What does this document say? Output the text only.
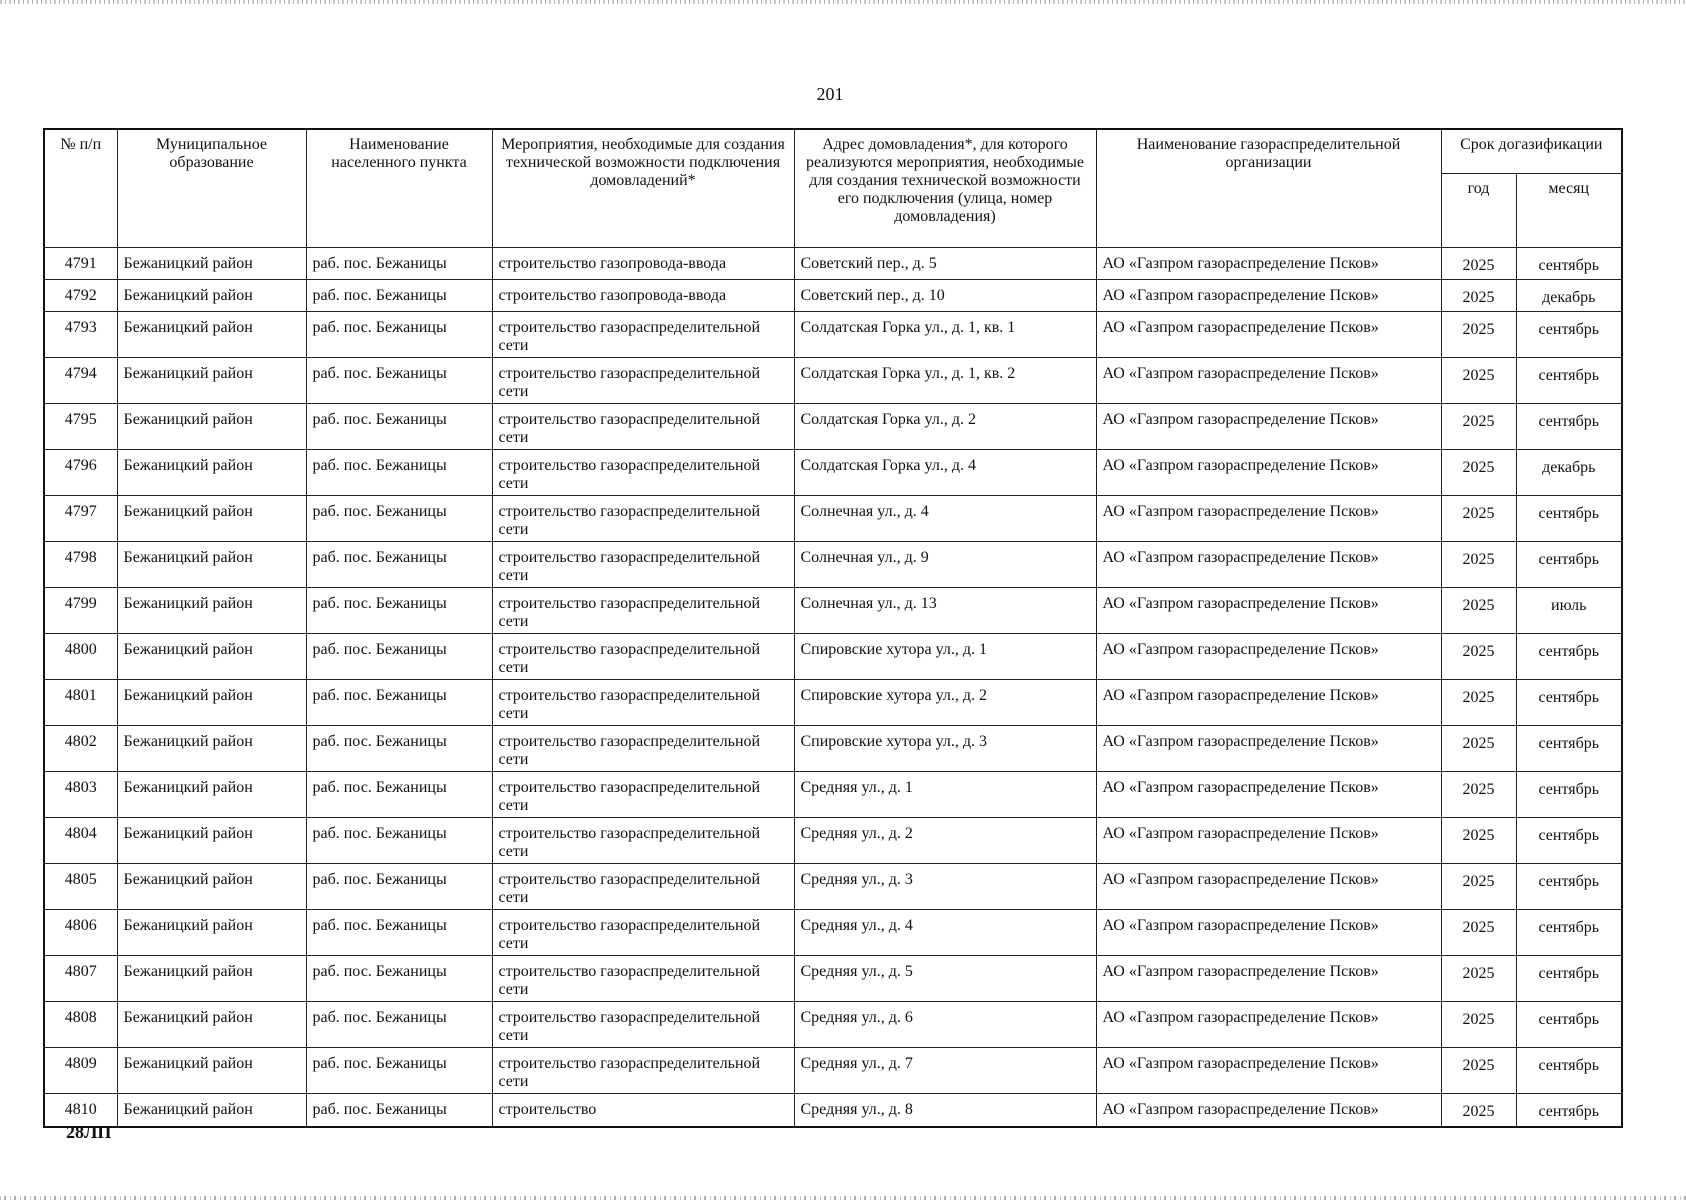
201
№ п/п	Муниципальное образование	Наименование населенного пункта	Мероприятия, необходимые для создания технической возможности подключения домовладений*	Адрес домовладения*, для которого реализуются мероприятия, необходимые для создания технической возможности его подключения (улица, номер домовладения)	Наименование газораспределительной организации	Срок догазификации	
						год	месяц
4791	Бежаницкий район	раб. пос. Бежаницы	строительство газопровода-ввода	Советский пер., д. 5	АО «Газпром газораспределение Псков»	2025	сентябрь
4792	Бежаницкий район	раб. пос. Бежаницы	строительство газопровода-ввода	Советский пер., д. 10	АО «Газпром газораспределение Псков»	2025	декабрь
4793	Бежаницкий район	раб. пос. Бежаницы	строительство газораспределительной сети	Солдатская Горка ул., д. 1, кв. 1	АО «Газпром газораспределение Псков»	2025	сентябрь
4794	Бежаницкий район	раб. пос. Бежаницы	строительство газораспределительной сети	Солдатская Горка ул., д. 1, кв. 2	АО «Газпром газораспределение Псков»	2025	сентябрь
4795	Бежаницкий район	раб. пос. Бежаницы	строительство газораспределительной сети	Солдатская Горка ул., д. 2	АО «Газпром газораспределение Псков»	2025	сентябрь
4796	Бежаницкий район	раб. пос. Бежаницы	строительство газораспределительной сети	Солдатская Горка ул., д. 4	АО «Газпром газораспределение Псков»	2025	декабрь
4797	Бежаницкий район	раб. пос. Бежаницы	строительство газораспределительной сети	Солнечная ул., д. 4	АО «Газпром газораспределение Псков»	2025	сентябрь
4798	Бежаницкий район	раб. пос. Бежаницы	строительство газораспределительной сети	Солнечная ул., д. 9	АО «Газпром газораспределение Псков»	2025	сентябрь
4799	Бежаницкий район	раб. пос. Бежаницы	строительство газораспределительной сети	Солнечная ул., д. 13	АО «Газпром газораспределение Псков»	2025	июль
4800	Бежаницкий район	раб. пос. Бежаницы	строительство газораспределительной сети	Спировские хутора ул., д. 1	АО «Газпром газораспределение Псков»	2025	сентябрь
4801	Бежаницкий район	раб. пос. Бежаницы	строительство газораспределительной сети	Спировские хутора ул., д. 2	АО «Газпром газораспределение Псков»	2025	сентябрь
4802	Бежаницкий район	раб. пос. Бежаницы	строительство газораспределительной сети	Спировские хутора ул., д. 3	АО «Газпром газораспределение Псков»	2025	сентябрь
4803	Бежаницкий район	раб. пос. Бежаницы	строительство газораспределительной сети	Средняя ул., д. 1	АО «Газпром газораспределение Псков»	2025	сентябрь
4804	Бежаницкий район	раб. пос. Бежаницы	строительство газораспределительной сети	Средняя ул., д. 2	АО «Газпром газораспределение Псков»	2025	сентябрь
4805	Бежаницкий район	раб. пос. Бежаницы	строительство газораспределительной сети	Средняя ул., д. 3	АО «Газпром газораспределение Псков»	2025	сентябрь
4806	Бежаницкий район	раб. пос. Бежаницы	строительство газораспределительной сети	Средняя ул., д. 4	АО «Газпром газораспределение Псков»	2025	сентябрь
4807	Бежаницкий район	раб. пос. Бежаницы	строительство газораспределительной сети	Средняя ул., д. 5	АО «Газпром газораспределение Псков»	2025	сентябрь
4808	Бежаницкий район	раб. пос. Бежаницы	строительство газораспределительной сети	Средняя ул., д. 6	АО «Газпром газораспределение Псков»	2025	сентябрь
4809	Бежаницкий район	раб. пос. Бежаницы	строительство газораспределительной сети	Средняя ул., д. 7	АО «Газпром газораспределение Псков»	2025	сентябрь
4810	Бежаницкий район	раб. пос. Бежаницы	строительство	Средняя ул., д. 8	АО «Газпром газораспределение Псков»	2025	сентябрь
28ЛП
